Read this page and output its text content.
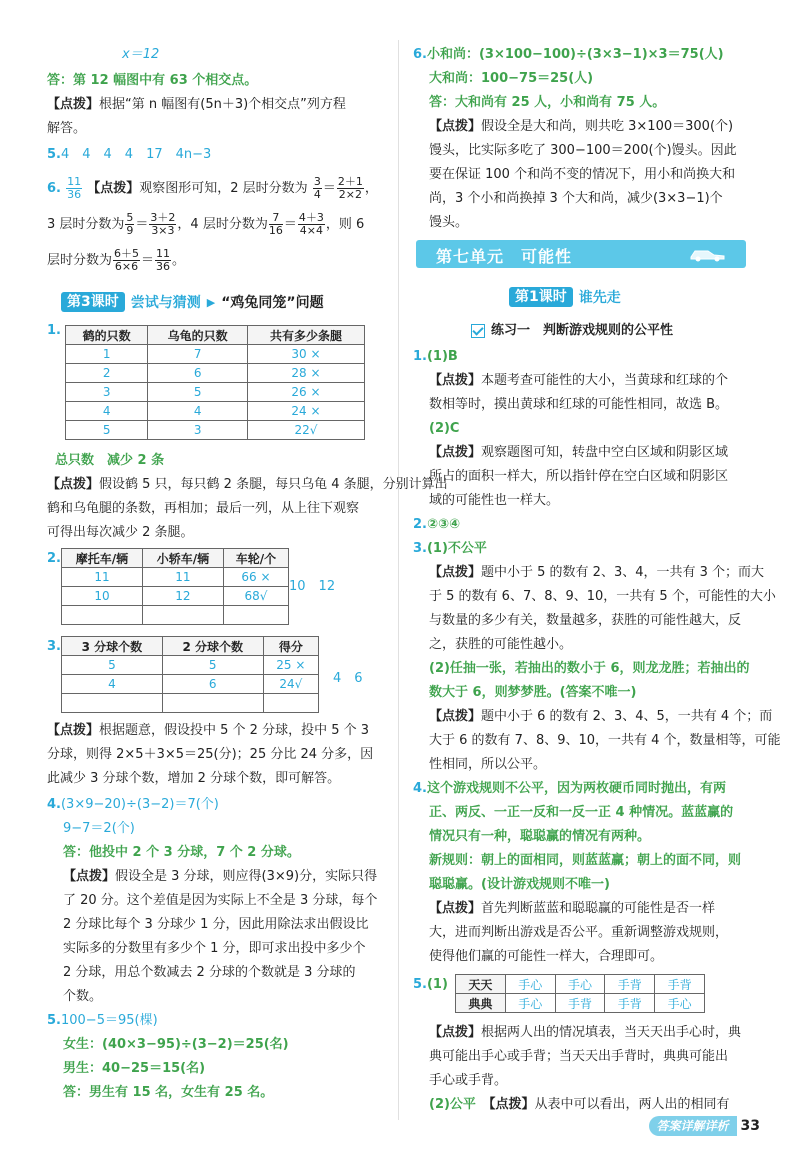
x＝12
答：第 12 幅图中有 63 个相交点。
【点拨】根据“第 n 幅图有(5n＋3)个相交点”列方程
解答。
5.4　4　4　4　17　4n−3
6. $\frac{11}{36}$ 【点拨】观察图形可知，2 层时分数为 $\frac{3}{4} = \frac{2+1}{2\times 2}$ ，
3 层时分数为 $\frac{5}{9} = \frac{3+2}{3\times 3}$ ，4 层时分数为 $\frac{7}{16} = \frac{4+3}{4\times 4}$ ，则 6
层时分数为 $\frac{6+5}{6\times 6} = \frac{11}{36}$ 。
第3课时 尝试与猜测 ▶ “鸡兔同笼”问题
1. 鹤的只数	乌龟的只数	共有多少条腿
1	7	30 ×
2	6	28 ×
3	5	26 ×
4	4	24 ×
5	3	22√
总只数　减少 2 条
【点拨】假设鹤 5 只，每只鹤 2 条腿，每只乌龟 4 条腿，分别计算出
鹤和乌龟腿的条数，再相加；最后一列，从上往下观察
可得出每次减少 2 条腿。
2. 摩托车/辆	小轿车/辆	车轮/个
11	11	66 ×
10	12	68√

10　12
3. 3 分球个数	2 分球个数	得分
5	5	25 ×
4	6	24√
		4　6
【点拨】根据题意，假设投中 5 个 2 分球，投中 5 个 3
分球，则得 2×5＋3×5＝25(分)；25 分比 24 分多，因
此减少 3 分球个数，增加 2 分球个数，即可解答。
4.(3×9−20)÷(3−2)＝7(个)
9−7＝2(个)
答：他投中 2 个 3 分球，7 个 2 分球。
【点拨】假设全是 3 分球，则应得(3×9)分，实际只得
了 20 分。这个差值是因为实际上不全是 3 分球，每个
2 分球比每个 3 分球少 1 分，因此用除法求出假设比
实际多的分数里有多少个 1 分，即可求出投中多少个
2 分球，用总个数减去 2 分球的个数就是 3 分球的
个数。
5.100−5＝95(棵)
女生：(40×3−95)÷(3−2)＝25(名)
男生：40−25＝15(名)
答：男生有 15 名，女生有 25 名。
6.小和尚：(3×100−100)÷(3×3−1)×3＝75(人)
大和尚：100−75＝25(人)
答：大和尚有 25 人，小和尚有 75 人。
【点拨】假设全是大和尚，则共吃 3×100＝300(个)
馒头，比实际多吃了 300−100＝200(个)馒头。因此
要在保证 100 个和尚不变的情况下，用小和尚换大和
尚，3 个小和尚换掉 3 个大和尚，减少(3×3−1)个
馒头。
第七单元　可能性
第1课时 谁先走
练习一　判断游戏规则的公平性
1.(1)B
【点拨】本题考查可能性的大小，当黄球和红球的个
数相等时，摸出黄球和红球的可能性相同，故选 B。
(2)C
【点拨】观察题图可知，转盘中空白区域和阴影区域
所占的面积一样大，所以指针停在空白区域和阴影区
域的可能性也一样大。
2.②③④
3.(1)不公平
【点拨】题中小于 5 的数有 2、3、4，一共有 3 个；而大
于 5 的数有 6、7、8、9、10，一共有 5 个，可能性的大小
与数量的多少有关，数量越多，获胜的可能性越大，反
之，获胜的可能性越小。
(2)任抽一张，若抽出的数小于 6，则龙龙胜；若抽出的
数大于 6，则梦梦胜。(答案不唯一)
【点拨】题中小于 6 的数有 2、3、4、5，一共有 4 个；而
大于 6 的数有 7、8、9、10，一共有 4 个，数量相等，可能
性相同，所以公平。
4.这个游戏规则不公平，因为两枚硬币同时抛出，有两
正、两反、一正一反和一反一正 4 种情况。蓝蓝赢的
情况只有一种，聪聪赢的情况有两种。
新规则：朝上的面相同，则蓝蓝赢；朝上的面不同，则
聪聪赢。(设计游戏规则不唯一)
【点拨】首先判断蓝蓝和聪聪赢的可能性是否一样
大，进而判断出游戏是否公平。重新调整游戏规则，
使得他们赢的可能性一样大，合理即可。
5.(1) 天天	手心	手心	手背	手背
典典	手心	手背	手背	手心
【点拨】根据两人出的情况填表，当天天出手心时，典
典可能出手心或手背；当天天出手背时，典典可能出
手心或手背。
(2)公平　 【点拨】从表中可以看出，两人出的相同有
答案详解详析 33
